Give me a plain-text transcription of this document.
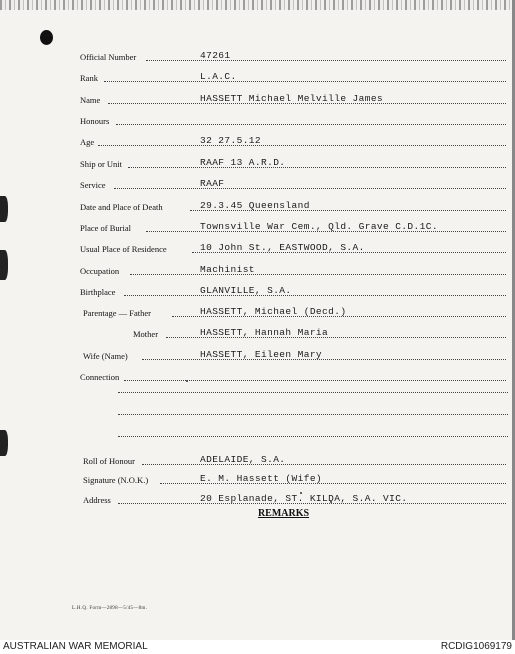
Official Number	47261
Rank	L.A.C.
Name	HASSETT Michael Melville James
Honours
Age	32 27.5.12
Ship or Unit	RAAF 13 A.R.D.
Service	RAAF
Date and Place of Death	29.3.45 Queensland
Place of Burial	Townsville War Cem., Qld. Grave C.D.1C.
Usual Place of Residence	10 John St., EASTWOOD, S.A.
Occupation	Machinist
Birthplace	GLANVILLE, S.A.
Parentage — Father	HASSETT, Michael (Decd.)
Mother	HASSETT, Hannah Maria
Wife (Name)	HASSETT, Eileen Mary
Connection
Roll of Honour	ADELAIDE, S.A.
Signature (N.O.K.)	E. M. Hassett (Wife)
Address	20 Esplanade, ST. KILDA, S.A. VIC.
REMARKS
L.H.Q. Form—2898—5/45—8m.
AUSTRALIAN WAR MEMORIAL	RCDIG1069179
